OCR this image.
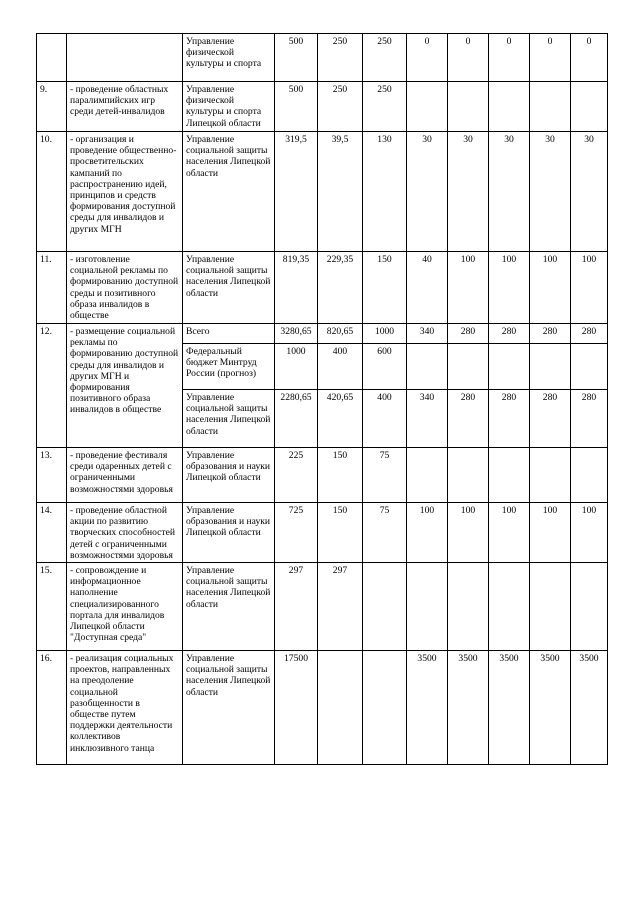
		Управление физической культуры и спорта	500	250	250	0	0	0	0	0
9.	- проведение областных паралимпийских игр среди детей-инвалидов	Управление физической культуры и спорта Липецкой области	500	250	250					
10.	- организация и проведение общественно-просветительских кампаний по распространению идей, принципов и средств формирования доступной среды для инвалидов и других МГН	Управление социальной защиты населения Липецкой области	319,5	39,5	130	30	30	30	30	30
11.	- изготовление социальной рекламы по формированию доступной среды и позитивного образа инвалидов в обществе	Управление социальной защиты населения Липецкой области	819,35	229,35	150	40	100	100	100	100
12.	- размещение социальной рекламы по формированию доступной среды для инвалидов и других МГН и формирования позитивного образа инвалидов в обществе	Всего	3280,65	820,65	1000	340	280	280	280	280
		Федеральный бюджет Минтруд России (прогноз)	1000	400	600					
		Управление социальной защиты населения Липецкой области	2280,65	420,65	400	340	280	280	280	280
13.	- проведение фестиваля среди одаренных детей с ограниченными возможностями здоровья	Управление образования и науки Липецкой области	225	150	75					
14.	- проведение областной акции по развитию творческих способностей детей с ограниченными возможностями здоровья	Управление образования и науки Липецкой области	725	150	75	100	100	100	100	100
15.	- сопровождение и информационное наполнение специализированного портала для инвалидов Липецкой области "Доступная среда"	Управление социальной защиты населения Липецкой области	297	297						
16.	- реализация социальных проектов, направленных на преодоление социальной разобщенности в обществе путем поддержки деятельности коллективов инклюзивного танца	Управление социальной защиты населения Липецкой области	17500			3500	3500	3500	3500	3500
